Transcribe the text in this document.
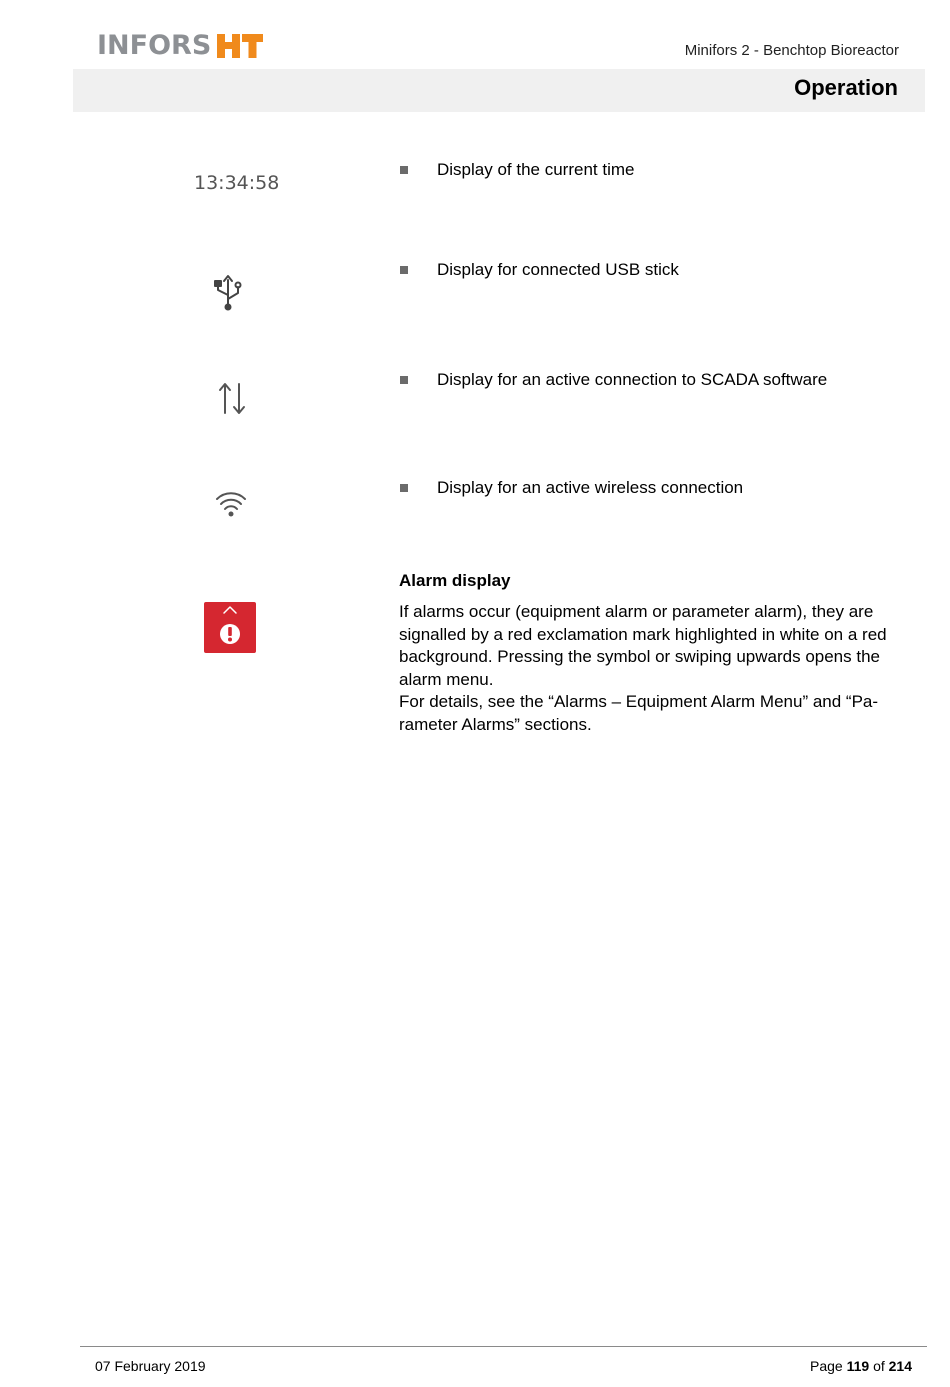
INFORS	Minifors 2 - Benchtop Bioreactor
Operation
13:34:58
Display of the current time
Display for connected USB stick
Display for an active connection to SCADA software
Display for an active wireless connection
Alarm display

If alarms occur (equipment alarm or parameter alarm), they are signalled by a red exclamation mark highlighted in white on a red background. Pressing the symbol or swiping upwards opens the alarm menu.

For details, see the “Alarms – Equipment Alarm Menu” and “Pa-rameter Alarms” sections.

07 February 2019	Page 119 of 214
